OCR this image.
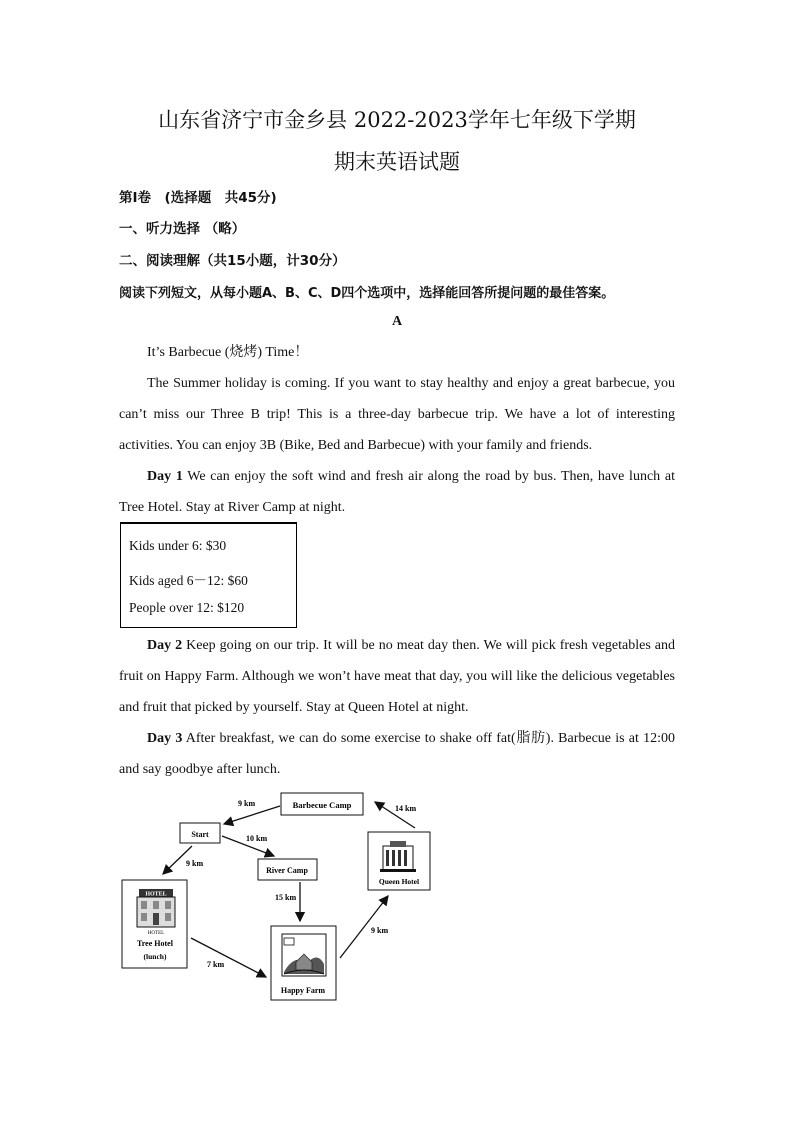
山东省济宁市金乡县 2022-2023学年七年级下学期
期末英语试题
第Ⅰ卷　(选择题　共45分)
一、听力选择 （略）
二、阅读理解（共15小题，计30分）
阅读下列短文，从每小题A、B、C、D四个选项中，选择能回答所提问题的最佳答案。
A
It’s Barbecue (烧烤) Time！
The Summer holiday is coming. If you want to stay healthy and enjoy a great barbecue, you can’t miss our Three B trip! This is a three-day barbecue trip. We have a lot of interesting activities. You can enjoy 3B (Bike, Bed and Barbecue) with your family and friends.
Day 1 We can enjoy the soft wind and fresh air along the road by bus. Then, have lunch at Tree Hotel. Stay at River Camp at night.
Kids under 6: $30
Kids aged 6－12: $60
People over 12: $120
Day 2 Keep going on our trip. It will be no meat day then. We will pick fresh vegetables and fruit on Happy Farm. Although we won’t have meat that day, you will like the delicious vegetables and fruit that picked by yourself. Stay at Queen Hotel at night.
Day 3 After breakfast, we can do some exercise to shake off fat(脂肪). Barbecue is at 12:00 and say goodbye after lunch.
Barbecue Camp
Start
River Camp
Queen Hotel
HOTEL
HOTEL
Tree Hotel
(lunch)
Happy Farm
9 km
10 km
9 km
15 km
7 km
9 km
14 km
